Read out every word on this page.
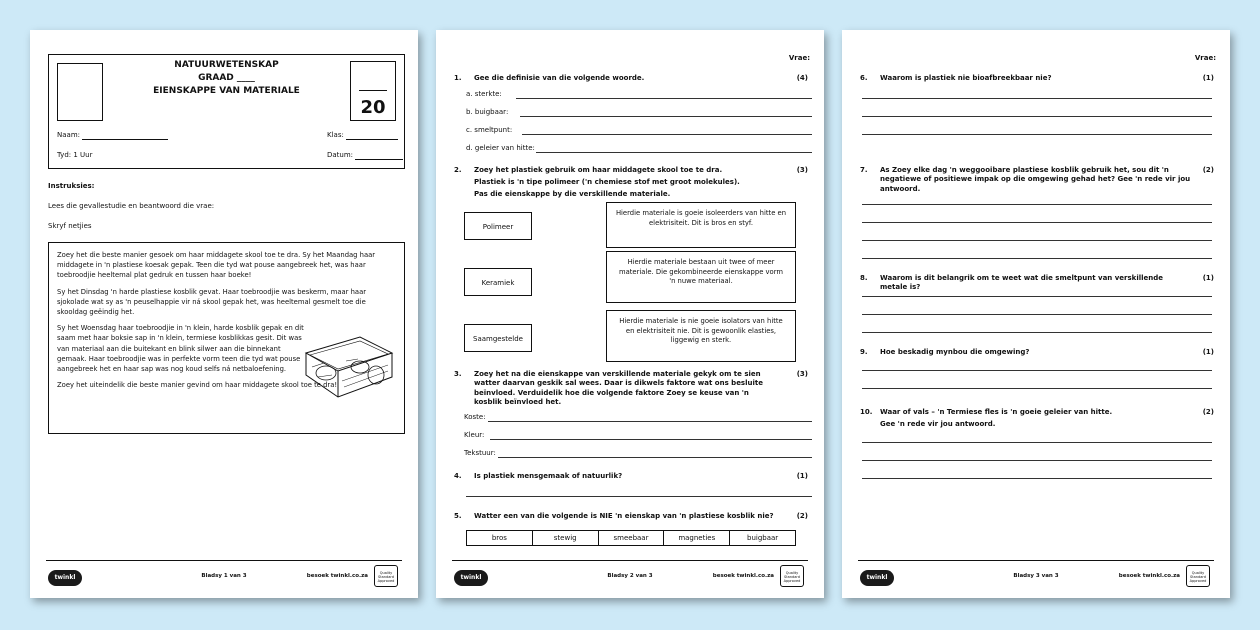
NATUURWETENSKAP
GRAAD ____
EIENSKAPPE VAN MATERIALE
20
Naam:	Klas:
Tyd: 1 Uur	Datum:
Instruksies:
Lees die gevallestudie en beantwoord die vrae:
Skryf netjies

Zoey het die beste manier gesoek om haar middagete skool toe te dra. Sy het Maandag haar middagete in 'n plastiese koesak gepak. Teen die tyd wat pouse aangebreek het, was haar toebroodjie heeltemal plat gedruk en tussen haar boeke!

Sy het Dinsdag 'n harde plastiese kosblik gevat. Haar toebroodjie was beskerm, maar haar sjokolade wat sy as 'n peuselhappie vir ná skool gepak het, was heeltemal gesmelt toe die skooldag geëindig het.

Sy het Woensdag haar toebroodjie in 'n klein, harde kosblik gepak en dit saam met haar boksie sap in 'n klein, termiese kosblikkas gesit. Dit was van materiaal aan die buitekant en blink silwer aan die binnekant gemaak. Haar toebroodjie was in perfekte vorm teen die tyd wat pouse aangebreek het en haar sap was nog koud selfs ná netbaloefening.

Zoey het uiteindelik die beste manier gevind om haar middagete skool toe te dra!

twinkl	Bladsy 1 van 3	besoek twinkl.co.za	Quality Standard Approved
Vrae:
1. Gee die definisie van die volgende woorde.	(4)
a. sterkte:
b. buigbaar:
c. smeltpunt:
d. geleier van hitte:
2. Zoey het plastiek gebruik om haar middagete skool toe te dra.	(3)
Plastiek is 'n tipe polimeer ('n chemiese stof met groot molekules).
Pas die eienskappe by die verskillende materiale.
Polimeer
Keramiek
Saamgestelde
Hierdie materiale is goeie isoleerders van hitte en elektrisiteit. Dit is bros en styf.
Hierdie materiale bestaan uit twee of meer materiale. Die gekombineerde eienskappe vorm 'n nuwe materiaal.
Hierdie materiale is nie goeie isolators van hitte en elektrisiteit nie. Dit is gewoonlik elasties, liggewig en sterk.
3. Zoey het na die eienskappe van verskillende materiale gekyk om te sien watter daarvan geskik sal wees. Daar is dikwels faktore wat ons besluite beïnvloed. Verduidelik hoe die volgende faktore Zoey se keuse van 'n kosblik beïnvloed het.
(3)
Koste:
Kleur:
Tekstuur:
4. Is plastiek mensgemaak of natuurlik?	(1)
5. Watter een van die volgende is NIE 'n eienskap van 'n plastiese kosblik nie?	(2)
bros	stewig	smeebaar	magneties	buigbaar
twinkl	Bladsy 2 van 3	besoek twinkl.co.za	Quality Standard Approved
Vrae:
6. Waarom is plastiek nie bioafbreekbaar nie?	(1)
7. As Zoey elke dag 'n weggooibare plastiese kosblik gebruik het, sou dit 'n negatiewe of positiewe impak op die omgewing gehad het? Gee 'n rede vir jou antwoord.
(2)
8. Waarom is dit belangrik om te weet wat die smeltpunt van verskillende metale is?
(1)
9. Hoe beskadig mynbou die omgewing?	(1)
10. Waar of vals – 'n Termiese fles is 'n goeie geleier van hitte.	(2)
Gee 'n rede vir jou antwoord.
twinkl	Bladsy 3 van 3	besoek twinkl.co.za	Quality Standard Approved
